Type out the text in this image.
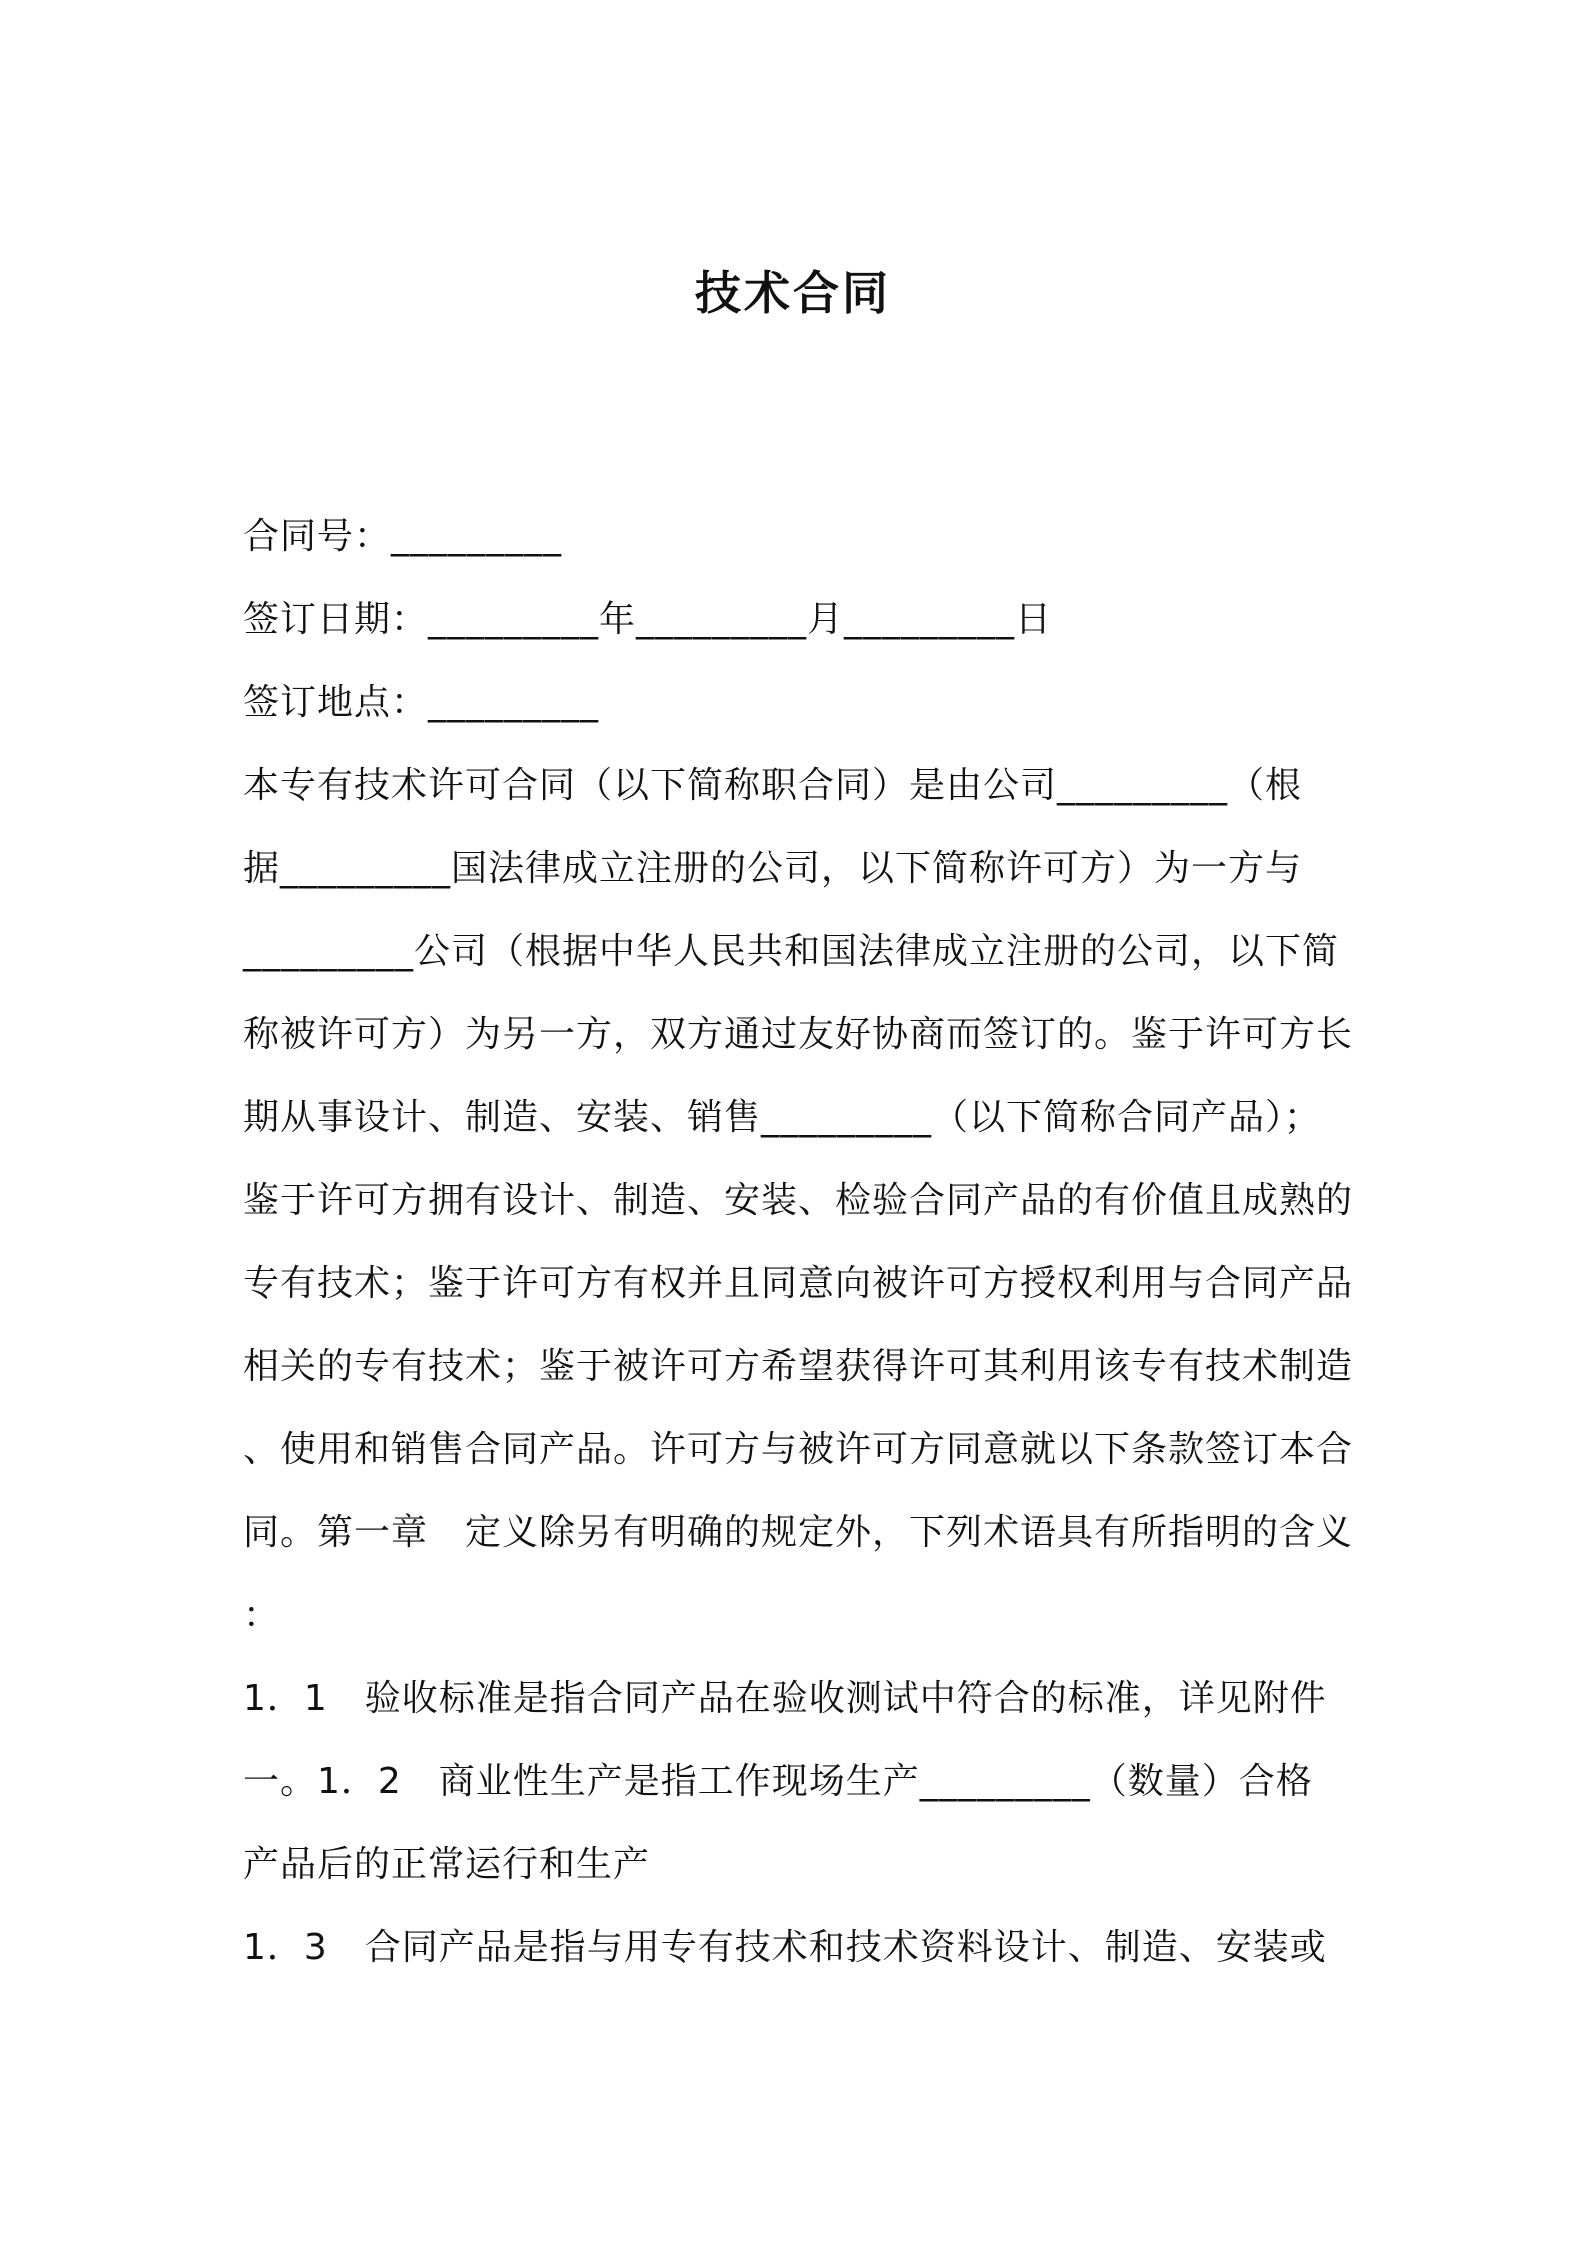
技术合同
合同号：_________
签订日期：_________年_________月_________日
签订地点：_________
本专有技术许可合同（以下简称职合同）是由公司_________（根
据_________国法律成立注册的公司，以下简称许可方）为一方与
_________公司（根据中华人民共和国法律成立注册的公司，以下简
称被许可方）为另一方，双方通过友好协商而签订的。鉴于许可方长
期从事设计、制造、安装、销售_________（以下简称合同产品）；
鉴于许可方拥有设计、制造、安装、检验合同产品的有价值且成熟的
专有技术；鉴于许可方有权并且同意向被许可方授权利用与合同产品
相关的专有技术；鉴于被许可方希望获得许可其利用该专有技术制造
、使用和销售合同产品。许可方与被许可方同意就以下条款签订本合
同。第一章　定义除另有明确的规定外，下列术语具有所指明的含义
：
1．1　验收标准是指合同产品在验收测试中符合的标准，详见附件
一。1．2　商业性生产是指工作现场生产_________（数量）合格
产品后的正常运行和生产
1．3　合同产品是指与用专有技术和技术资料设计、制造、安装或
